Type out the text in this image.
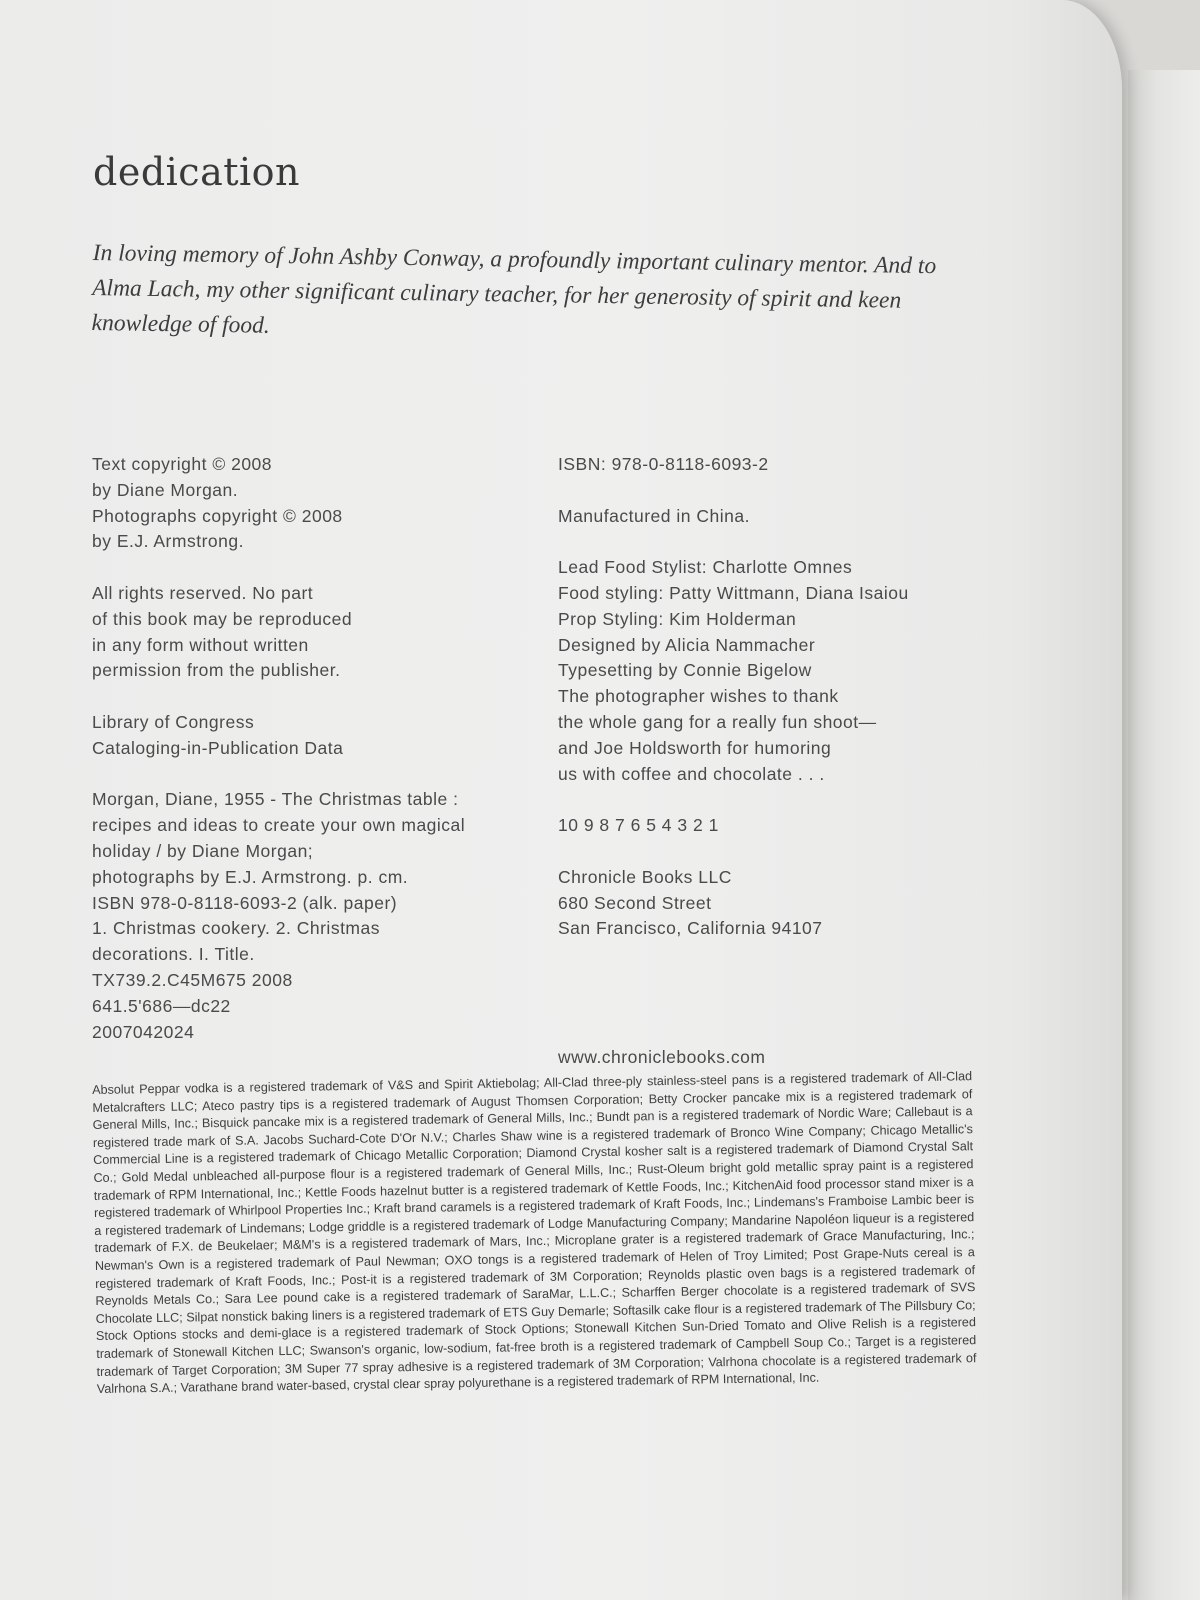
dedication

In loving memory of John Ashby Conway, a profoundly important culinary mentor. And to Alma Lach, my other significant culinary teacher, for her generosity of spirit and keen knowledge of food.

Text copyright © 2008

by Diane Morgan.

Photographs copyright © 2008

by E.J. Armstrong.

All rights reserved. No part

of this book may be reproduced

in any form without written

permission from the publisher.

Library of Congress

Cataloging-in-Publication Data

Morgan, Diane, 1955 - The Christmas table :

recipes and ideas to create your own magical

holiday / by Diane Morgan;

photographs by E.J. Armstrong. p. cm.

ISBN 978-0-8118-6093-2 (alk. paper)

1. Christmas cookery. 2. Christmas

decorations. I. Title.

TX739.2.C45M675 2008

641.5'686—dc22

2007042024

ISBN: 978-0-8118-6093-2

Manufactured in China.

Lead Food Stylist: Charlotte Omnes

Food styling: Patty Wittmann, Diana Isaiou

Prop Styling: Kim Holderman

Designed by Alicia Nammacher

Typesetting by Connie Bigelow

The photographer wishes to thank

the whole gang for a really fun shoot—

and Joe Holdsworth for humoring

us with coffee and chocolate . . .

10 9 8 7 6 5 4 3 2 1

Chronicle Books LLC

680 Second Street

San Francisco, California 94107

www.chroniclebooks.com

Absolut Peppar vodka is a registered trademark of V&S and Spirit Aktiebolag; All-Clad three-ply stainless-steel pans is a registered trademark of All-Clad Metalcrafters LLC; Ateco pastry tips is a registered trademark of August Thomsen Corporation; Betty Crocker pancake mix is a registered trademark of General Mills, Inc.; Bisquick pancake mix is a registered trademark of General Mills, Inc.; Bundt pan is a registered trademark of Nordic Ware; Callebaut is a registered trade mark of S.A. Jacobs Suchard-Cote D'Or N.V.; Charles Shaw wine is a registered trademark of Bronco Wine Company; Chicago Metallic's Commercial Line is a registered trademark of Chicago Metallic Corporation; Diamond Crystal kosher salt is a registered trademark of Diamond Crystal Salt Co.; Gold Medal unbleached all-purpose flour is a registered trademark of General Mills, Inc.; Rust-Oleum bright gold metallic spray paint is a registered trademark of RPM International, Inc.; Kettle Foods hazelnut butter is a registered trademark of Kettle Foods, Inc.; KitchenAid food processor stand mixer is a registered trademark of Whirlpool Properties Inc.; Kraft brand caramels is a registered trademark of Kraft Foods, Inc.; Lindemans's Framboise Lambic beer is a registered trademark of Lindemans; Lodge griddle is a registered trademark of Lodge Manufacturing Company; Mandarine Napoléon liqueur is a registered trademark of F.X. de Beukelaer; M&M's is a registered trademark of Mars, Inc.; Microplane grater is a registered trademark of Grace Manufacturing, Inc.; Newman's Own is a registered trademark of Paul Newman; OXO tongs is a registered trademark of Helen of Troy Limited; Post Grape-Nuts cereal is a registered trademark of Kraft Foods, Inc.; Post-it is a registered trademark of 3M Corporation; Reynolds plastic oven bags is a registered trademark of Reynolds Metals Co.; Sara Lee pound cake is a registered trademark of SaraMar, L.L.C.; Scharffen Berger chocolate is a registered trademark of SVS Chocolate LLC; Silpat nonstick baking liners is a registered trademark of ETS Guy Demarle; Softasilk cake flour is a registered trademark of The Pillsbury Co; Stock Options stocks and demi-glace is a registered trademark of Stock Options; Stonewall Kitchen Sun-Dried Tomato and Olive Relish is a registered trademark of Stonewall Kitchen LLC; Swanson's organic, low-sodium, fat-free broth is a registered trademark of Campbell Soup Co.; Target is a registered trademark of Target Corporation; 3M Super 77 spray adhesive is a registered trademark of 3M Corporation; Valrhona chocolate is a registered trademark of Valrhona S.A.; Varathane brand water-based, crystal clear spray polyurethane is a registered trademark of RPM International, Inc.
